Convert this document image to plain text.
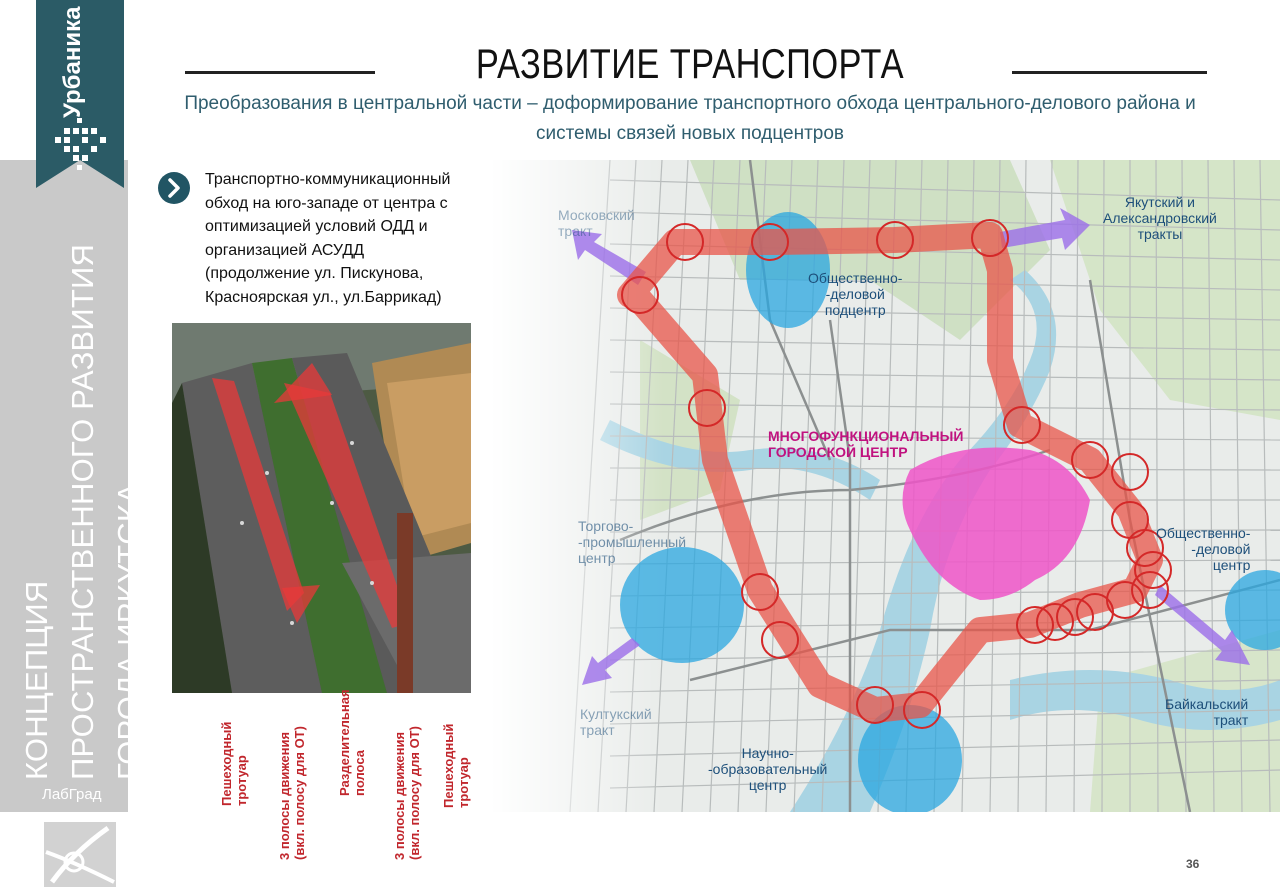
КОНЦЕПЦИЯ ПРОСТРАНСТВЕННОГО РАЗВИТИЯ ГОРОДА ИРКУТСКА
ЛабГрад
Урбаника	РАЗВИТИЕ ТРАНСПОРТА
Преобразования в центральной части – доформирование транспортного обхода центрального-делового района и
системы связей новых подцентров
Транспортно-коммуникационный
обход на юго-западе от центра с
оптимизацией условий ОДД и
организацией АСУДД
(продолжение ул. Пискунова,
Красноярская ул., ул.Баррикад)
Пешеходный
тротуар
3 полосы движения
(вкл. полосу для ОТ) Разделительная
полоса
3 полосы движения
(вкл. полосу для ОТ) Пешеходный
тротуар
Московский
тракт
Якутский и
Александровский
тракты
Общественно-
-деловой
подцентр
МНОГОФУНКЦИОНАЛЬНЫЙ
ГОРОДСКОЙ ЦЕНТР
Торгово-
-промышленный
центр
Общественно-
-деловой
центр
Култукский
тракт
Байкальский
тракт
Научно-
-образовательный
центр
36
